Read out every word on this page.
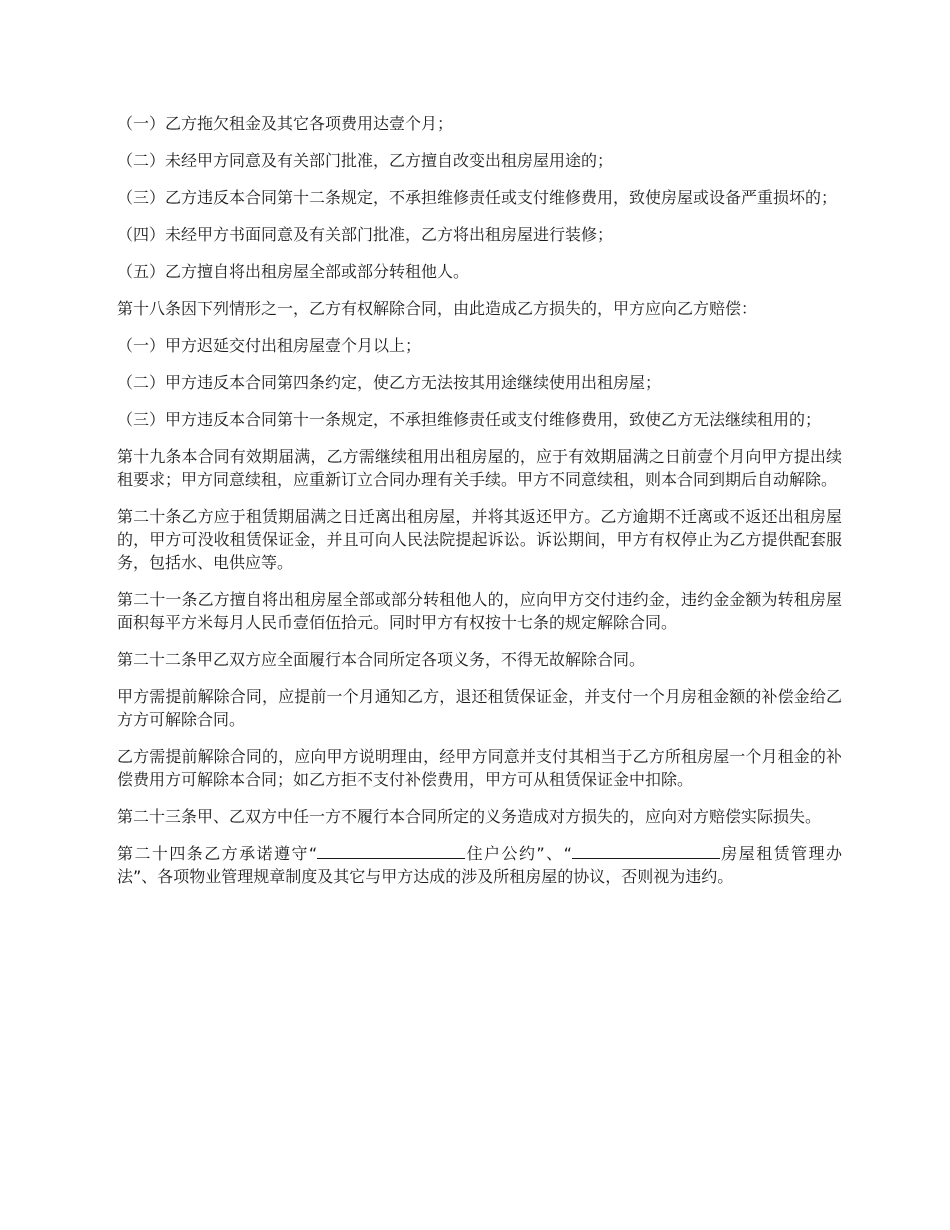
（一）乙方拖欠租金及其它各项费用达壹个月；

（二）未经甲方同意及有关部门批准，乙方擅自改变出租房屋用途的；

（三）乙方违反本合同第十二条规定，不承担维修责任或支付维修费用，致使房屋或设备严重损坏的；

（四）未经甲方书面同意及有关部门批准，乙方将出租房屋进行装修；

（五）乙方擅自将出租房屋全部或部分转租他人。

第十八条因下列情形之一，乙方有权解除合同，由此造成乙方损失的，甲方应向乙方赔偿：

（一）甲方迟延交付出租房屋壹个月以上；

（二）甲方违反本合同第四条约定，使乙方无法按其用途继续使用出租房屋；

（三）甲方违反本合同第十一条规定，不承担维修责任或支付维修费用，致使乙方无法继续租用的；

第十九条本合同有效期届满，乙方需继续租用出租房屋的，应于有效期届满之日前壹个月向甲方提出续租要求；甲方同意续租，应重新订立合同办理有关手续。甲方不同意续租，则本合同到期后自动解除。

第二十条乙方应于租赁期届满之日迁离出租房屋，并将其返还甲方。乙方逾期不迁离或不返还出租房屋的，甲方可没收租赁保证金，并且可向人民法院提起诉讼。诉讼期间，甲方有权停止为乙方提供配套服务，包括水、电供应等。

第二十一条乙方擅自将出租房屋全部或部分转租他人的，应向甲方交付违约金，违约金金额为转租房屋面积每平方米每月人民币壹佰伍拾元。同时甲方有权按十七条的规定解除合同。

第二十二条甲乙双方应全面履行本合同所定各项义务，不得无故解除合同。

甲方需提前解除合同，应提前一个月通知乙方，退还租赁保证金，并支付一个月房租金额的补偿金给乙方方可解除合同。

乙方需提前解除合同的，应向甲方说明理由，经甲方同意并支付其相当于乙方所租房屋一个月租金的补偿费用方可解除本合同；如乙方拒不支付补偿费用，甲方可从租赁保证金中扣除。

第二十三条甲、乙双方中任一方不履行本合同所定的义务造成对方损失的，应向对方赔偿实际损失。

第二十四条乙方承诺遵守“	住户公约”、“	房屋租赁管理办法”、各项物业管理规章制度及其它与甲方达成的涉及所租房屋的协议，否则视为违约。
